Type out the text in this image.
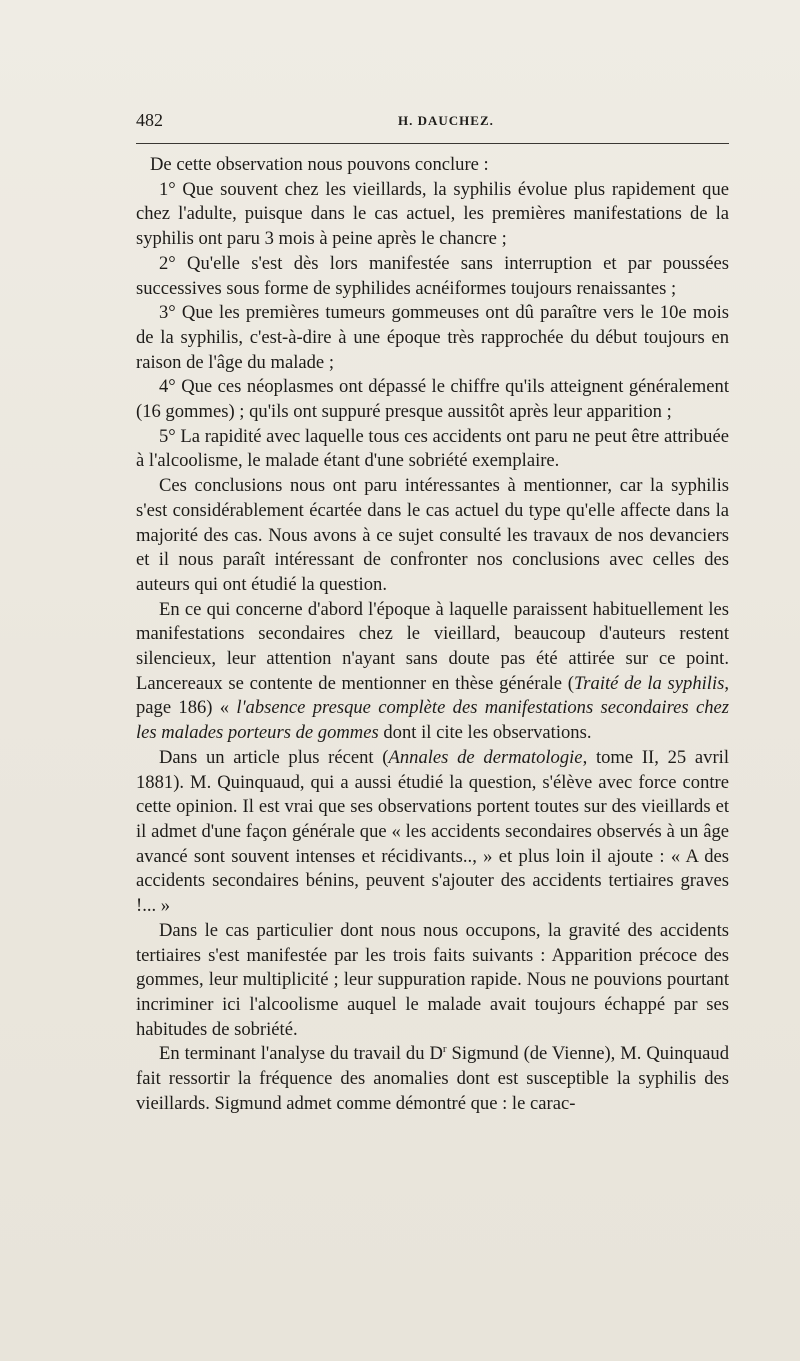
482	H. DAUCHEZ.

De cette observation nous pouvons conclure :

1° Que souvent chez les vieillards, la syphilis évolue plus rapidement que chez l'adulte, puisque dans le cas actuel, les premières manifestations de la syphilis ont paru 3 mois à peine après le chancre ;

2° Qu'elle s'est dès lors manifestée sans interruption et par poussées successives sous forme de syphilides acnéiformes toujours renaissantes ;

3° Que les premières tumeurs gommeuses ont dû paraître vers le 10e mois de la syphilis, c'est-à-dire à une époque très rapprochée du début toujours en raison de l'âge du malade ;

4° Que ces néoplasmes ont dépassé le chiffre qu'ils atteignent généralement (16 gommes) ; qu'ils ont suppuré presque aussitôt après leur apparition ;

5° La rapidité avec laquelle tous ces accidents ont paru ne peut être attribuée à l'alcoolisme, le malade étant d'une sobriété exemplaire.

Ces conclusions nous ont paru intéressantes à mentionner, car la syphilis s'est considérablement écartée dans le cas actuel du type qu'elle affecte dans la majorité des cas. Nous avons à ce sujet consulté les travaux de nos devanciers et il nous paraît intéressant de confronter nos conclusions avec celles des auteurs qui ont étudié la question.

En ce qui concerne d'abord l'époque à laquelle paraissent habituellement les manifestations secondaires chez le vieillard, beaucoup d'auteurs restent silencieux, leur attention n'ayant sans doute pas été attirée sur ce point. Lancereaux se contente de mentionner en thèse générale (Traité de la syphilis, page 186) « l'absence presque complète des manifestations secondaires chez les malades porteurs de gommes dont il cite les observations.

Dans un article plus récent (Annales de dermatologie, tome II, 25 avril 1881). M. Quinquaud, qui a aussi étudié la question, s'élève avec force contre cette opinion. Il est vrai que ses observations portent toutes sur des vieillards et il admet d'une façon générale que « les accidents secondaires observés à un âge avancé sont souvent intenses et récidivants.., » et plus loin il ajoute : « A des accidents secondaires bénins, peuvent s'ajouter des accidents tertiaires graves !... »

Dans le cas particulier dont nous nous occupons, la gravité des accidents tertiaires s'est manifestée par les trois faits suivants : Apparition précoce des gommes, leur multiplicité ; leur suppuration rapide. Nous ne pouvions pourtant incriminer ici l'alcoolisme auquel le malade avait toujours échappé par ses habitudes de sobriété.

En terminant l'analyse du travail du $D^r$ Sigmund (de Vienne), M. Quinquaud fait ressortir la fréquence des anomalies dont est susceptible la syphilis des vieillards. Sigmund admet comme démontré que : le carac-
